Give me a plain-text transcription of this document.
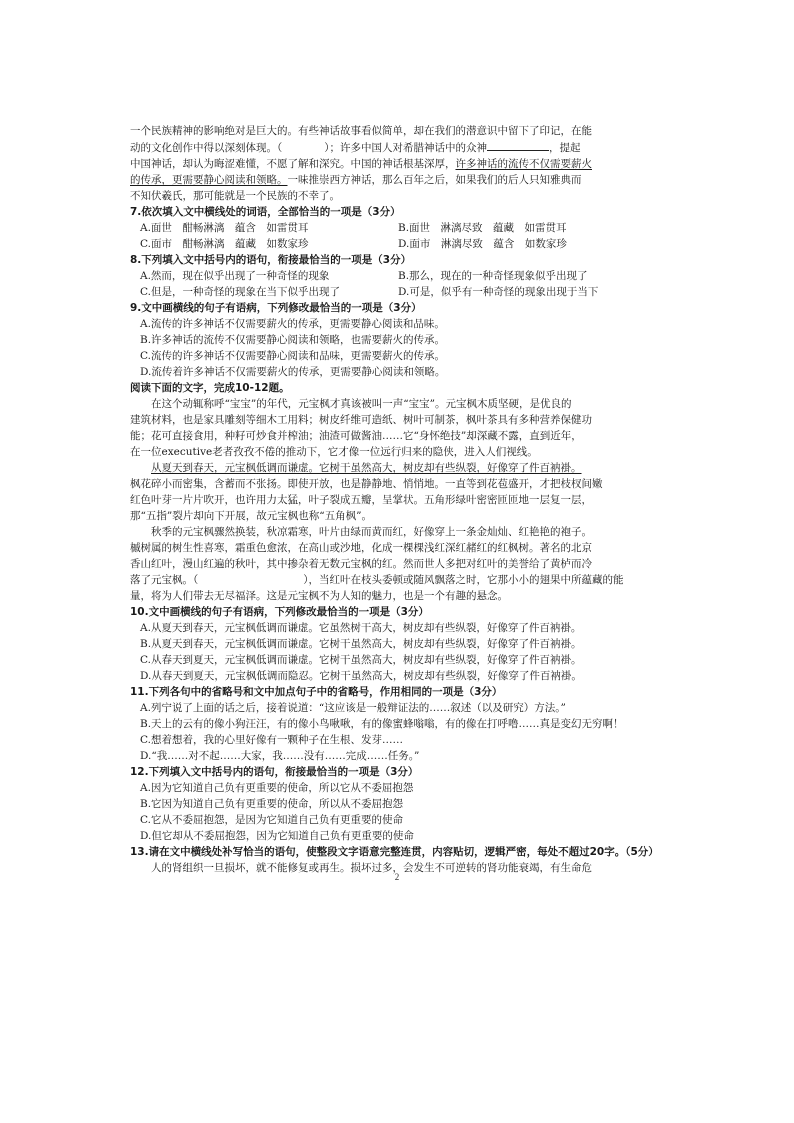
一个民族精神的影响绝对是巨大的。有些神话故事看似简单，却在我们的潜意识中留下了印记，在能

动的文化创作中得以深刻体现。（　　　　）；许多中国人对希腊神话中的众神	，提起

中国神话，却认为晦涩难懂，不愿了解和深究。中国的神话根基深厚，许多神话的流传不仅需要薪火

的传承，更需要静心阅读和领略。一味推崇西方神话，那么百年之后，如果我们的后人只知雅典而

不知伏羲氏，那可能就是一个民族的不幸了。

7.依次填入文中横线处的词语，全部恰当的一项是（3分）

A.面世　酣畅淋漓　蕴含　如雷贯耳	B.面世　淋漓尽致　蕴藏　如雷贯耳

C.面市　酣畅淋漓　蕴藏　如数家珍	D.面市　淋漓尽致　蕴含　如数家珍

8.下列填入文中括号内的语句，衔接最恰当的一项是（3分）

A.然而，现在似乎出现了一种奇怪的现象	B.那么，现在的一种奇怪现象似乎出现了

C.但是，一种奇怪的现象在当下似乎出现了	D.可是，似乎有一种奇怪的现象出现于当下

9.文中画横线的句子有语病，下列修改最恰当的一项是（3分）

A.流传的许多神话不仅需要薪火的传承，更需要静心阅读和品味。

B.许多神话的流传不仅需要静心阅读和领略，也需要薪火的传承。

C.流传的许多神话不仅需要静心阅读和品味，更需要薪火的传承。

D.流传着许多神话不仅需要薪火的传承，更需要静心阅读和领略。

阅读下面的文字，完成10-12题。

在这个动辄称呼“宝宝”的年代，元宝枫才真该被叫一声“宝宝”。元宝枫木质坚硬，是优良的

建筑材料，也是家具雕刻等细木工用料；树皮纤维可造纸、树叶可制茶，枫叶茶具有多种营养保健功

能；花可直接食用，种籽可炒食并榨油；油渣可做酱油……它“身怀绝技”却深藏不露，直到近年，

在一位executive老者孜孜不倦的推动下，它才像一位远行归来的隐侠，进入人们视线。

从夏天到春天，元宝枫低调而谦虚。它树干虽然高大，树皮却有些纵裂，好像穿了件百衲褂。

枫花碎小而密集，含蓄而不张扬。即使开放，也是静静地、悄悄地。一直等到花苞盛开，才把枝杈间嫩

红色叶芽一片片吹开，也许用力太猛，叶子裂成五瓣，呈掌状。五角形绿叶密密匝匝地一层复一层，

那“五指”裂片却向下开展，故元宝枫也称“五角枫”。

秋季的元宝枫骤然换装，秋凉霜寒，叶片由绿而黄而红，好像穿上一条金灿灿、红艳艳的袍子。

槭树属的树生性喜寒，霜重色愈浓，在高山或沙地，化成一棵棵浅红深红赭红的红枫树。著名的北京

香山红叶，漫山红遍的秋叶，其中掺杂着无数元宝枫的红。然而世人多把对红叶的美誉给了黄栌而冷

落了元宝枫。（　　　　　　　　　　），当红叶在枝头委顿或随风飘落之时，它那小小的翅果中所蕴藏的能

量，将为人们带去无尽福泽。这是元宝枫不为人知的魅力，也是一个有趣的悬念。

10.文中画横线的句子有语病，下列修改最恰当的一项是（3分）

A.从夏天到春天，元宝枫低调而谦虚。它虽然树干高大，树皮却有些纵裂，好像穿了件百衲褂。

B.从夏天到春天，元宝枫低调而谦虚。它树干虽然高大，树皮却有些纵裂，好像穿了件百衲褂。

C.从春天到夏天，元宝枫低调而谦虚。它树干虽然高大，树皮却有些纵裂，好像穿了件百衲褂。

D.从春天到夏天，元宝枫低调而隐忍。它树干虽然高大，树皮却有些纵裂，好像穿了件百衲褂。

11.下列各句中的省略号和文中加点句子中的省略号，作用相同的一项是（3分）

A.列宁说了上面的话之后，接着说道：“这应该是一般辩证法的……叙述（以及研究）方法。”

B.天上的云有的像小狗汪汪，有的像小鸟啾啾，有的像蜜蜂嗡嗡，有的像在打呼噜……真是变幻无穷啊！

C.想着想着，我的心里好像有一颗种子在生根、发芽……

D.“我……对不起……大家，我……没有……完成……任务。”

12.下列填入文中括号内的语句，衔接最恰当的一项是（3分）

A.因为它知道自己负有更重要的使命，所以它从不委屈抱怨

B.它因为知道自己负有更重要的使命，所以从不委屈抱怨

C.它从不委屈抱怨，是因为它知道自己负有更重要的使命

D.但它却从不委屈抱怨，因为它知道自己负有更重要的使命

13.请在文中横线处补写恰当的语句，使整段文字语意完整连贯，内容贴切，逻辑严密，每处不超过20字。（5分）

人的肾组织一旦损坏，就不能修复或再生。损坏过多，会发生不可逆转的肾功能衰竭，有生命危

2
